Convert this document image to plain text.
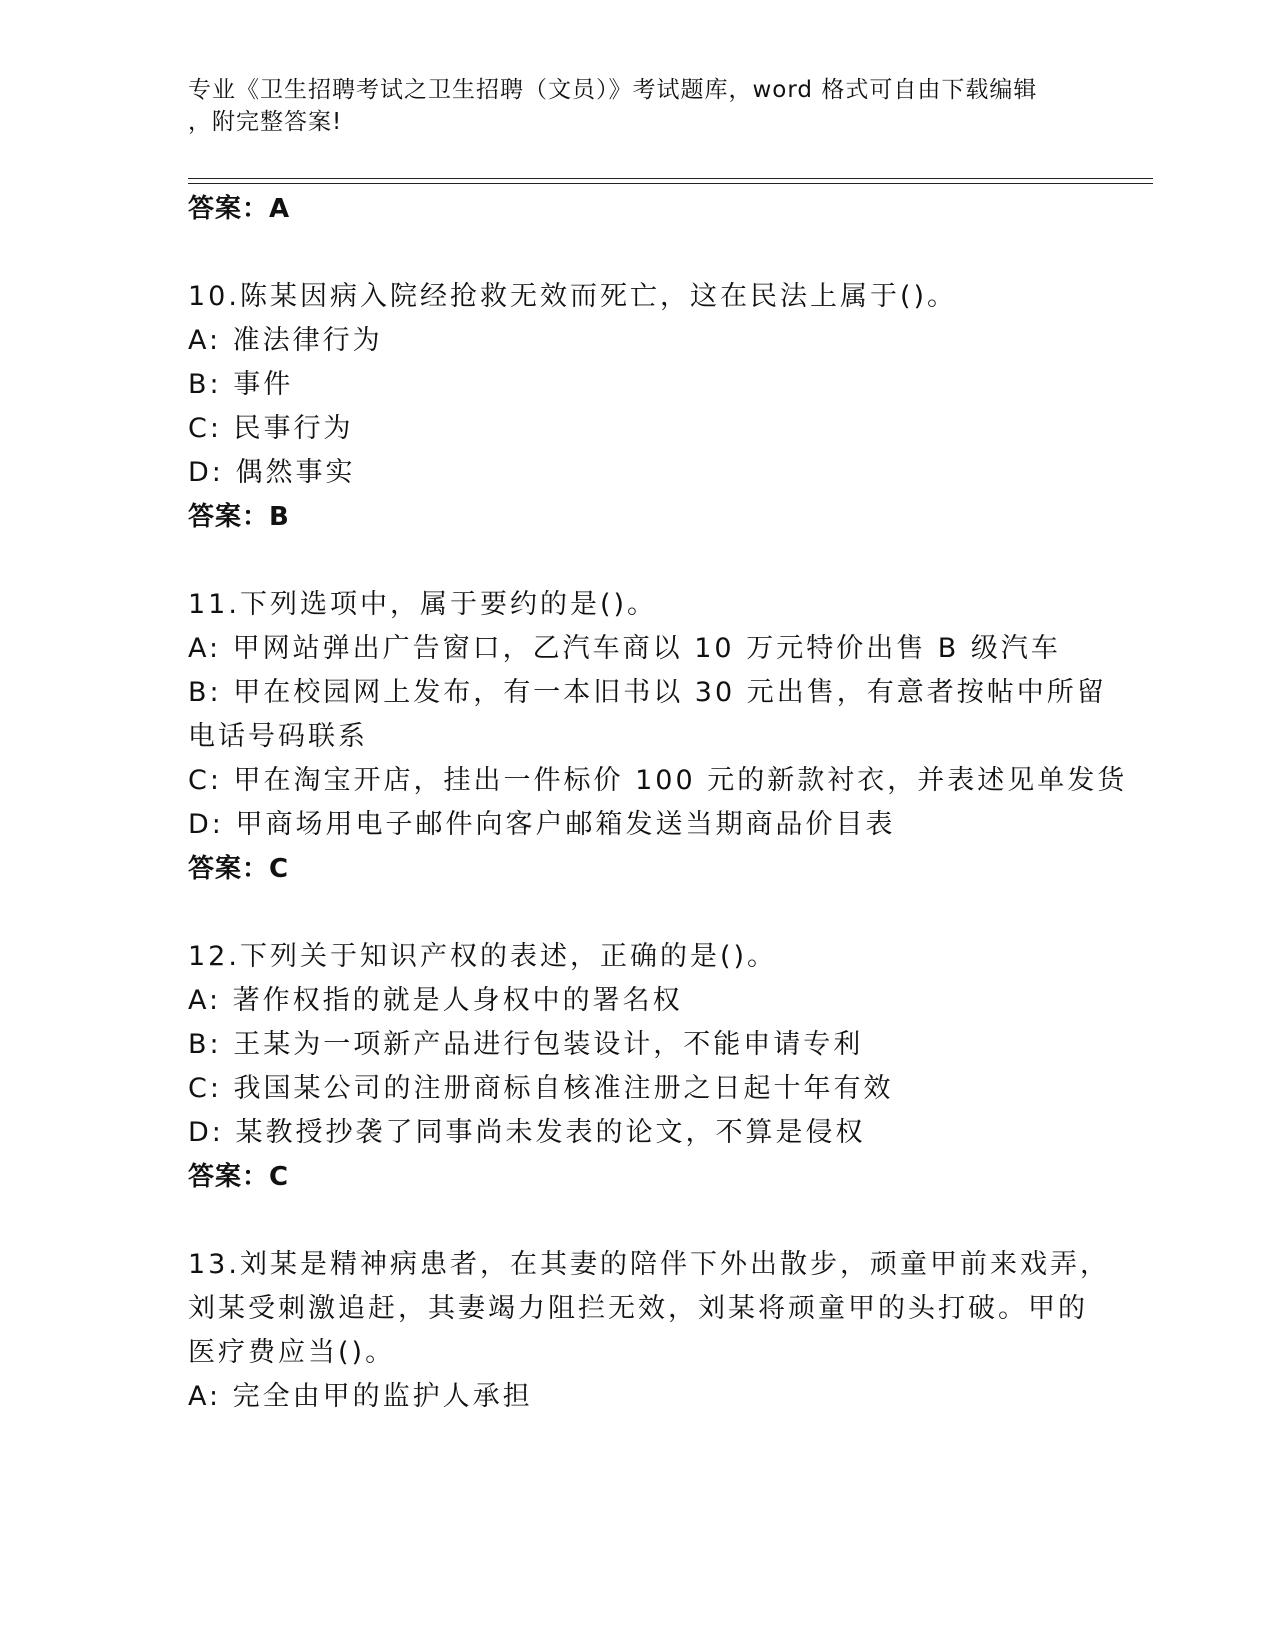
专业《卫生招聘考试之卫生招聘（文员）》考试题库，word 格式可自由下载编辑
，附完整答案!
答案：A
10.陈某因病入院经抢救无效而死亡，这在民法上属于()。
A: 准法律行为
B: 事件
C: 民事行为
D: 偶然事实
答案：B
11.下列选项中，属于要约的是()。
A: 甲网站弹出广告窗口，乙汽车商以 10 万元特价出售 B 级汽车
B: 甲在校园网上发布，有一本旧书以 30 元出售，有意者按帖中所留
电话号码联系
C: 甲在淘宝开店，挂出一件标价 100 元的新款衬衣，并表述见单发货
D: 甲商场用电子邮件向客户邮箱发送当期商品价目表
答案：C
12.下列关于知识产权的表述，正确的是()。
A: 著作权指的就是人身权中的署名权
B: 王某为一项新产品进行包装设计，不能申请专利
C: 我国某公司的注册商标自核准注册之日起十年有效
D: 某教授抄袭了同事尚未发表的论文，不算是侵权
答案：C
13.刘某是精神病患者，在其妻的陪伴下外出散步，顽童甲前来戏弄，
刘某受刺激追赶，其妻竭力阻拦无效，刘某将顽童甲的头打破。甲的
医疗费应当()。
A: 完全由甲的监护人承担
